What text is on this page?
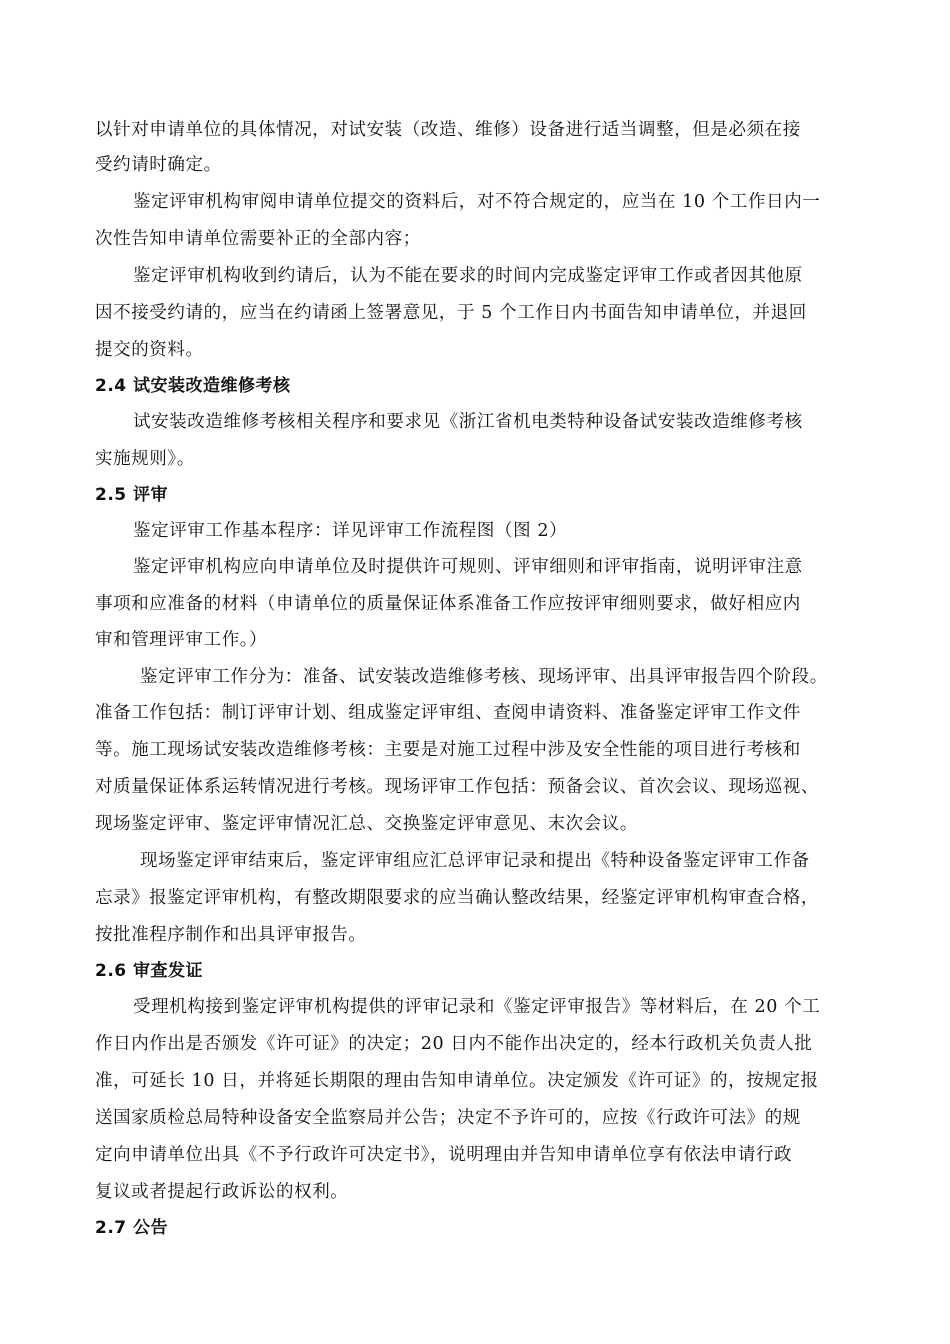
以针对申请单位的具体情况，对试安装（改造、维修）设备进行适当调整，但是必须在接
受约请时确定。
鉴定评审机构审阅申请单位提交的资料后，对不符合规定的，应当在 10 个工作日内一
次性告知申请单位需要补正的全部内容；
鉴定评审机构收到约请后，认为不能在要求的时间内完成鉴定评审工作或者因其他原
因不接受约请的，应当在约请函上签署意见，于 5 个工作日内书面告知申请单位，并退回
提交的资料。
2.4 试安装改造维修考核
试安装改造维修考核相关程序和要求见《浙江省机电类特种设备试安装改造维修考核
实施规则》。
2.5 评审
鉴定评审工作基本程序：详见评审工作流程图（图 2）
鉴定评审机构应向申请单位及时提供许可规则、评审细则和评审指南，说明评审注意
事项和应准备的材料（申请单位的质量保证体系准备工作应按评审细则要求，做好相应内
审和管理评审工作。）
鉴定评审工作分为：准备、试安装改造维修考核、现场评审、出具评审报告四个阶段。
准备工作包括：制订评审计划、组成鉴定评审组、查阅申请资料、准备鉴定评审工作文件
等。施工现场试安装改造维修考核：主要是对施工过程中涉及安全性能的项目进行考核和
对质量保证体系运转情况进行考核。现场评审工作包括：预备会议、首次会议、现场巡视、
现场鉴定评审、鉴定评审情况汇总、交换鉴定评审意见、末次会议。
现场鉴定评审结束后，鉴定评审组应汇总评审记录和提出《特种设备鉴定评审工作备
忘录》报鉴定评审机构，有整改期限要求的应当确认整改结果，经鉴定评审机构审查合格，
按批准程序制作和出具评审报告。
2.6 审查发证
受理机构接到鉴定评审机构提供的评审记录和《鉴定评审报告》等材料后，在 20 个工
作日内作出是否颁发《许可证》的决定；20 日内不能作出决定的，经本行政机关负责人批
准，可延长 10 日，并将延长期限的理由告知申请单位。决定颁发《许可证》的，按规定报
送国家质检总局特种设备安全监察局并公告；决定不予许可的，应按《行政许可法》的规
定向申请单位出具《不予行政许可决定书》，说明理由并告知申请单位享有依法申请行政
复议或者提起行政诉讼的权利。
2.7 公告
